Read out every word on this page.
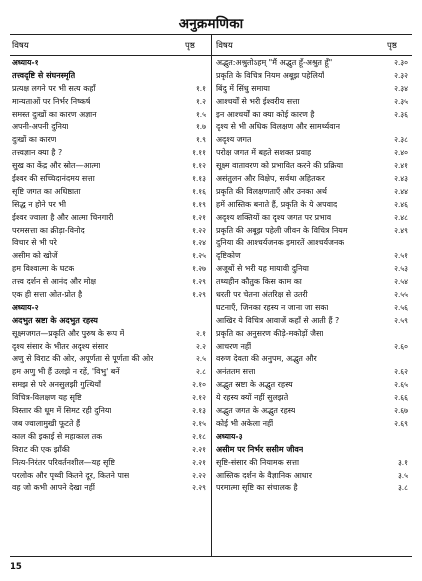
अनुक्रमणिका
विषय	पृष्ठ विषय	पृष्ठ
अध्याय-१
तत्त्वदृष्टि से संघनस्मृति
प्रत्यक्ष लगने पर भी सत्य कहाँ	१.१
मान्यताओं पर निर्भर निष्कर्ष	१.२
समस्त दुःखों का कारण अज्ञान	१.५
अपनी-अपनी दुनिया	१.७
दुःखों का कारण	१.९
तत्त्वज्ञान क्या है ?	१.११
सुख का केंद्र और स्रोत—आत्मा	१.१२
ईश्वर की सच्चिदानंदमय सत्ता	१.१३
सृष्टि जगत का अधिष्ठाता	१.१६
सिद्ध न होने पर भी	१.१९
ईश्वर ज्वाला है और आत्मा चिनगारी	१.२१
परमसत्ता का क्रीड़ा-विनोद	१.२२
विचार से भी परे	१.२४
असीम को खोजें	१.२५
हम विश्वात्मा के घटक	१.२७
तत्त्व दर्शन से आनंद और मोक्ष	१.२९
एक ही सत्ता ओत-प्रोत है	१.२९
अध्याय-२
अदभुत स्रष्टा के अदभुत रहस्य
सूक्ष्मजगत—प्रकृति और पुरुष के रूप में	२.१
दृश्य संसार के भीतर अदृश्य संसार	२.२
अणु से विराट की ओर, अपूर्णता से पूर्णता की ओर	२.५
हम अणु भी हैं उलझे न रहें, 'विभु' बनें	२.८
समझ से परे अनसुलझी गुत्थियाँ	२.१०
विचित्र-विलक्षण यह सृष्टि	२.१२
विस्तार की धूम में सिमट रही दुनिया	२.१३
जब ज्वालामुखी फूटते हैं	२.१५
काल की इकाई से महाकाल तक	२.१८
विराट की एक झाँकी	२.२१
नित्य-निरंतर परिवर्तनशील—यह सृष्टि	२.२१
परलोक और पृथ्वी कितने दूर, कितने पास	२.२२
वह जो कभी आपने देखा नहीं	२.२९
अद्भुत:अश्रुतोऽहम् "मैं अद्भुत हूँ-अश्रुत हूँ"	२.३०
प्रकृति के विचित्र नियम अबूझ पहेलियाँ	२.३२
बिंदु में सिंधु समाया	२.३४
आश्चर्यों से भरी ईश्वरीय सत्ता	२.३५
इन आश्चर्यों का क्या कोई कारण है	२.३६
दृश्य से भी अधिक विलक्षण और सामर्थ्यवान
अदृश्य जगत	२.३८
परोक्ष जगत में बहते सशक्त प्रवाह	२.४०
सूक्ष्म वातावरण को प्रभावित करने की प्रक्रिया	२.४१
असंतुलन और विक्षेप, सर्वथा अहितकर	२.४३
प्रकृति की विलक्षणताएँ और उनका अर्थ	२.४४
हमें आस्तिक बनाते हैं, प्रकृति के ये अपवाद	२.४६
अदृश्य शक्तियों का दृश्य जगत पर प्रभाव	२.४८
प्रकृति की अबूझ पहेली जीवन के विचित्र नियम	२.४९
दुनिया की आश्चर्यजनक इमारतें आश्चर्यजनक
दृष्टिकोण	२.५१
अजूबों से भरी यह मायावी दुनिया	२.५३
तथ्यहीन कौतुक किस काम का	२.५४
धरती पर चेतना अंतरिक्ष से उतरी	२.५५
घटनाएँ, जिनका रहस्य न जाना जा सका	२.५६
आखिर ये विचित्र आवाजें कहाँ से आती हैं ?	२.५९
प्रकृति का अनुसरण कीड़े-मकोड़ों जैसा
आचरण नहीं	२.६०
वरुण देवता की अनुपम, अद्भुत और
अनंततम सत्ता	२.६२
अद्भुत स्रष्टा के अद्भुत रहस्य	२.६५
ये रहस्य क्यों नहीं सुलझते	२.६६
अद्भुत जगत के अद्भुत रहस्य	२.६७
कोई भी अकेला नहीं	२.६९
अध्याय-३
असीम पर निर्भर ससीम जीवन
सृष्टि-संसार की नियामक सत्ता	३.१
आस्तिक दर्शन के वैज्ञानिक आधार	३.५
परमात्मा सृष्टि का संचालक है	३.८
15
